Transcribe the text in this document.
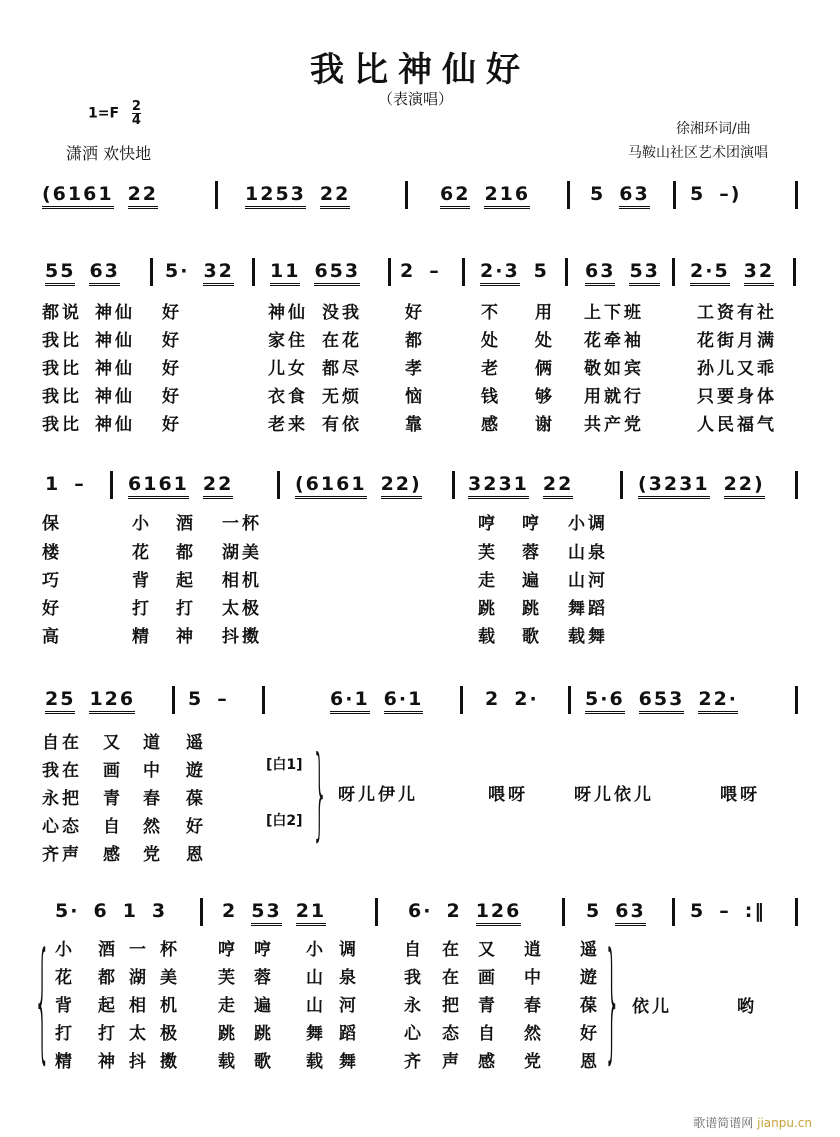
我比神仙好
（表演唱）
$1=F \frac{2}{4}$
徐湘环词/曲
马鞍山社区艺术团演唱
潇洒 欢快地
(6161 22	1253 22	62 216	5 63 5 –)
55 63 5· 32 11 653 2 – 2·3 5 63 53 2·5 32
都说 神仙 好	神仙 没我	好	不 用 上下班	工资有社
我比 神仙 好	家住 在花	都	处 处 花牵袖	花街月满
我比 神仙 好	儿女 都尽	孝	老 俩 敬如宾	孙儿又乖
我比 神仙 好	衣食 无烦	恼	钱 够 用就行	只要身体
我比 神仙 好	老来 有依	靠	感 谢 共产党	人民福气
1 – 6161 22	(6161 22) 3231 22	(3231 22)
保	小 酒 一杯	哼 哼 小调
楼	花 都 湖美	芙 蓉 山泉
巧	背 起 相机	走 遍 山河
好	打 打 太极	跳 跳 舞蹈
高	精 神 抖擞	载 歌 载舞
25 126	5 –	6·1 6·1	2 2· 5·6 653 22·
自在 又 道 遥
我在 画 中 遊
永把 青 春 葆
心态 自 然 好
齐声 感 党 恩
5· 6 1 3	2 53 21	6· 2 126	5 63 5 – :‖
小 酒 一 杯 哼 哼 小 调	自 在 又 逍 遥
花 都 湖 美 芙 蓉 山 泉	我 在 画 中 遊
背 起 相 机 走 遍 山 河	永 把 青 春 葆
打 打 太 极 跳 跳 舞 蹈	心 态 自 然 好
精 神 抖 擞 载 歌 载 舞	齐 声 感 党 恩
[白1]
[白2]
呀儿伊儿	喂呀	呀儿依儿	喂呀
依儿	哟
}
{	}
歌谱简谱网 jianpu.cn
